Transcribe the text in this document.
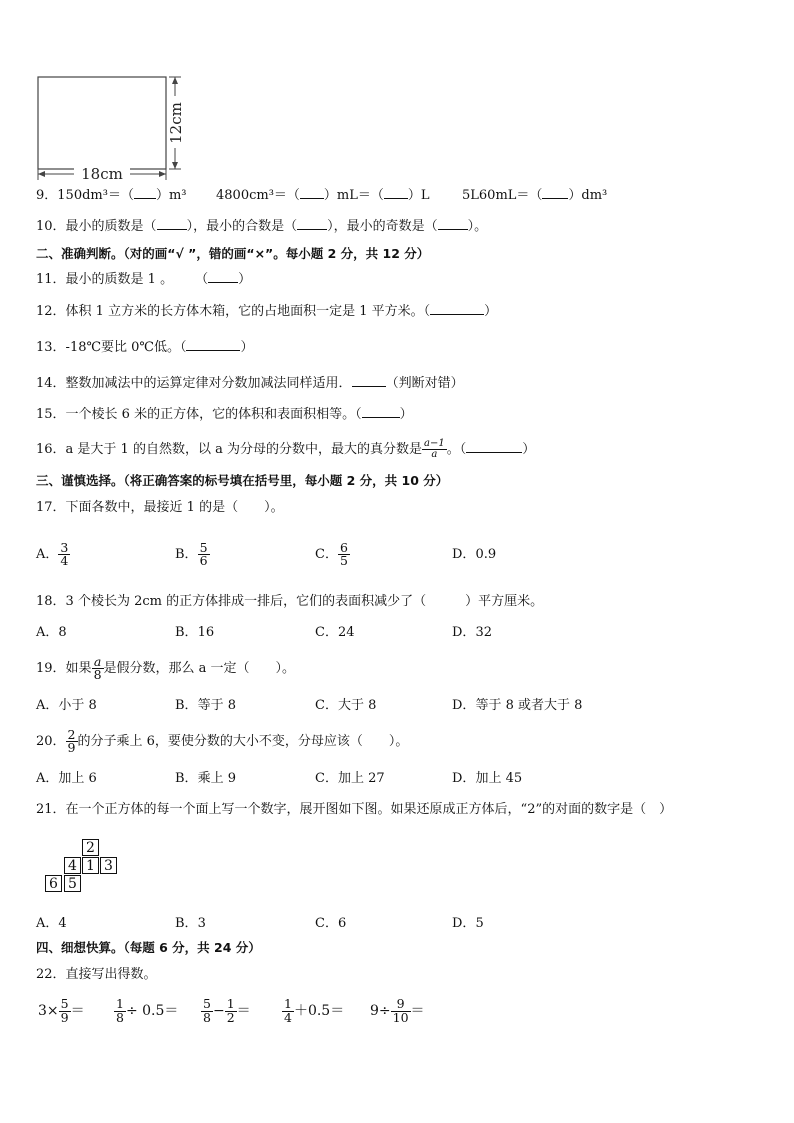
18cm
12cm
9．150dm³＝（ ）m³ 4800cm³＝（ ）mL＝（ ）L 5L60mL＝（ ）dm³
10．最小的质数是（ ），最小的合数是（ ），最小的奇数是（ ）。
二、准确判断。（对的画“√ ”，错的画“×”。每小题 2 分，共 12 分）
11．最小的质数是 1 。 （ ）
12．体积 1 立方米的长方体木箱，它的占地面积一定是 1 平方米。（	）
13．-18℃要比 0℃低。（	）
14．整数加减法中的运算定律对分数加减法同样适用．	（判断对错）
15．一个棱长 6 米的正方体，它的体积和表面积相等。（	）
16．a 是大于 1 的自然数，以 a 为分母的分数中，最大的真分数是 $\frac{a-1}{a}$ 。（	）
三、谨慎选择。（将正确答案的标号填在括号里，每小题 2 分，共 10 分）
17．下面各数中，最接近 1 的是（　　）。
A． $\frac{3}{4}$	B． $\frac{5}{6}$	C． $\frac{6}{5}$	D．0.9
18．3 个棱长为 2cm 的正方体排成一排后，它们的表面积减少了（　　　）平方厘米。
A．8	B．16	C．24	D．32
19．如果 $\frac{a}{8}$ 是假分数，那么 a 一定（　　）。
A．小于 8	B．等于 8	C．大于 8	D．等于 8 或者大于 8
20． $\frac{2}{9}$ 的分子乘上 6，要使分数的大小不变，分母应该（　　）。
A．加上 6	B．乘上 9	C．加上 27	D．加上 45
21．在一个正方体的每一个面上写一个数字，展开图如下图。如果还原成正方体后，“2”的对面的数字是（　）
2
4 1 3
6 5
A．4	B．3	C．6	D．5
四、细想快算。（每题 6 分，共 24 分）
22．直接写出得数。
$3\times \frac{5}{9} = \frac{1}{8} \div 0.5= \frac{5}{8} - \frac{1}{2}$ ＝	$\frac{1}{4} +0.5= 9\div \frac{9}{10}$ ＝
